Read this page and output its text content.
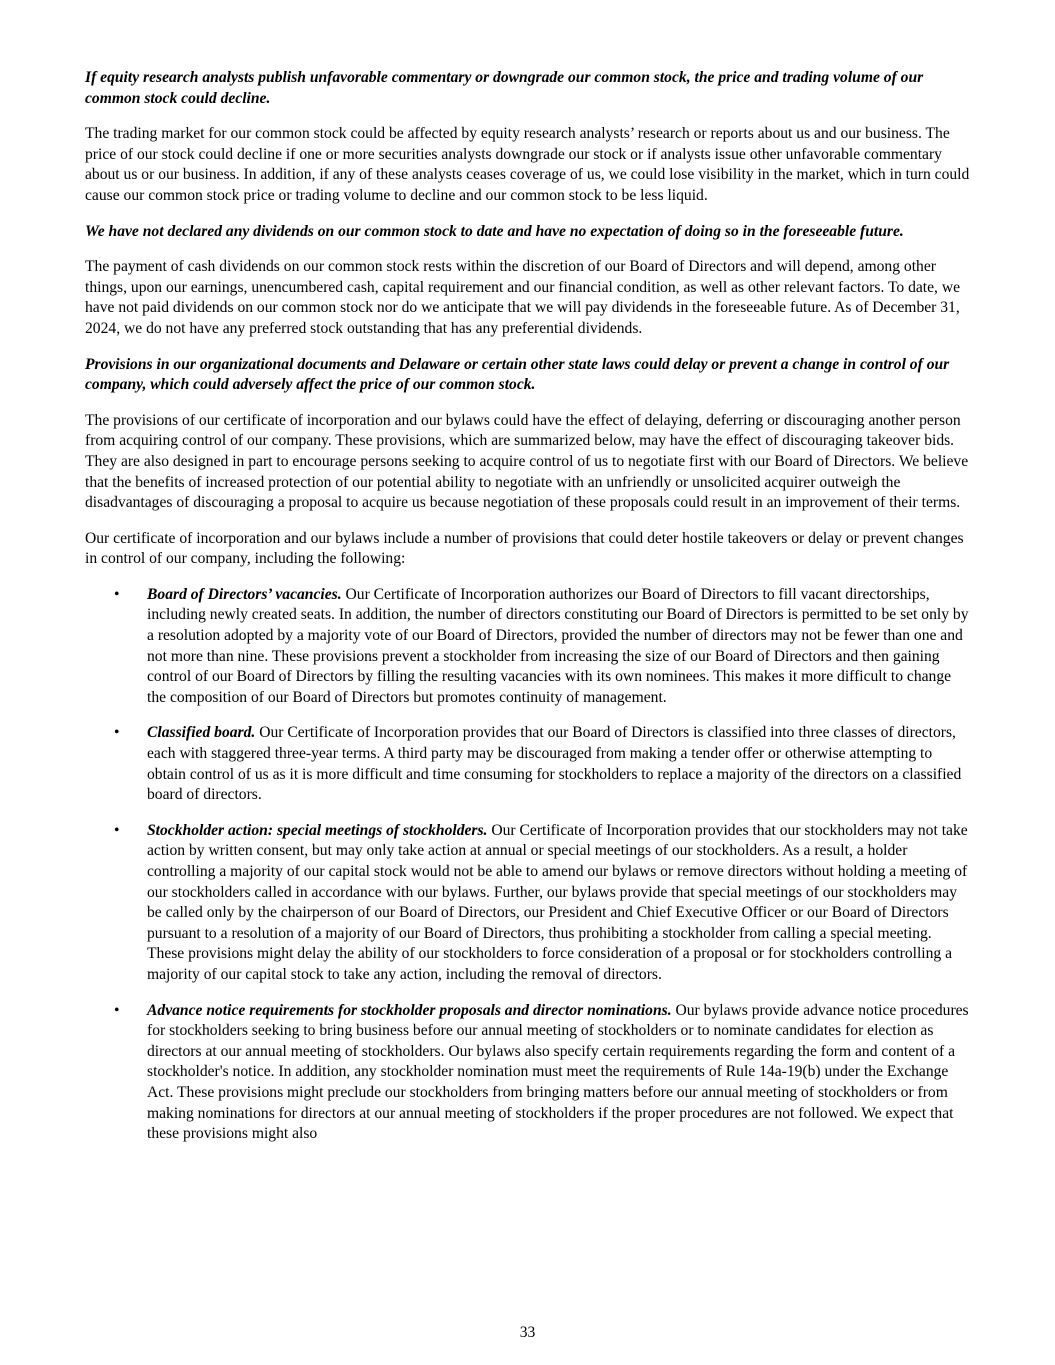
If equity research analysts publish unfavorable commentary or downgrade our common stock, the price and trading volume of our common stock could decline.

The trading market for our common stock could be affected by equity research analysts’ research or reports about us and our business. The price of our stock could decline if one or more securities analysts downgrade our stock or if analysts issue other unfavorable commentary about us or our business. In addition, if any of these analysts ceases coverage of us, we could lose visibility in the market, which in turn could cause our common stock price or trading volume to decline and our common stock to be less liquid.

We have not declared any dividends on our common stock to date and have no expectation of doing so in the foreseeable future.

The payment of cash dividends on our common stock rests within the discretion of our Board of Directors and will depend, among other things, upon our earnings, unencumbered cash, capital requirement and our financial condition, as well as other relevant factors. To date, we have not paid dividends on our common stock nor do we anticipate that we will pay dividends in the foreseeable future. As of December 31, 2024, we do not have any preferred stock outstanding that has any preferential dividends.

Provisions in our organizational documents and Delaware or certain other state laws could delay or prevent a change in control of our company, which could adversely affect the price of our common stock.

The provisions of our certificate of incorporation and our bylaws could have the effect of delaying, deferring or discouraging another person from acquiring control of our company. These provisions, which are summarized below, may have the effect of discouraging takeover bids. They are also designed in part to encourage persons seeking to acquire control of us to negotiate first with our Board of Directors. We believe that the benefits of increased protection of our potential ability to negotiate with an unfriendly or unsolicited acquirer outweigh the disadvantages of discouraging a proposal to acquire us because negotiation of these proposals could result in an improvement of their terms.

Our certificate of incorporation and our bylaws include a number of provisions that could deter hostile takeovers or delay or prevent changes in control of our company, including the following:

• Board of Directors’ vacancies. Our Certificate of Incorporation authorizes our Board of Directors to fill vacant directorships, including newly created seats. In addition, the number of directors constituting our Board of Directors is permitted to be set only by a resolution adopted by a majority vote of our Board of Directors, provided the number of directors may not be fewer than one and not more than nine. These provisions prevent a stockholder from increasing the size of our Board of Directors and then gaining control of our Board of Directors by filling the resulting vacancies with its own nominees. This makes it more difficult to change the composition of our Board of Directors but promotes continuity of management.
• Classified board. Our Certificate of Incorporation provides that our Board of Directors is classified into three classes of directors, each with staggered three-year terms. A third party may be discouraged from making a tender offer or otherwise attempting to obtain control of us as it is more difficult and time consuming for stockholders to replace a majority of the directors on a classified board of directors.
• Stockholder action: special meetings of stockholders. Our Certificate of Incorporation provides that our stockholders may not take action by written consent, but may only take action at annual or special meetings of our stockholders. As a result, a holder controlling a majority of our capital stock would not be able to amend our bylaws or remove directors without holding a meeting of our stockholders called in accordance with our bylaws. Further, our bylaws provide that special meetings of our stockholders may be called only by the chairperson of our Board of Directors, our President and Chief Executive Officer or our Board of Directors pursuant to a resolution of a majority of our Board of Directors, thus prohibiting a stockholder from calling a special meeting. These provisions might delay the ability of our stockholders to force consideration of a proposal or for stockholders controlling a majority of our capital stock to take any action, including the removal of directors.
• Advance notice requirements for stockholder proposals and director nominations. Our bylaws provide advance notice procedures for stockholders seeking to bring business before our annual meeting of stockholders or to nominate candidates for election as directors at our annual meeting of stockholders. Our bylaws also specify certain requirements regarding the form and content of a stockholder's notice. In addition, any stockholder nomination must meet the requirements of Rule 14a-19(b) under the Exchange Act. These provisions might preclude our stockholders from bringing matters before our annual meeting of stockholders or from making nominations for directors at our annual meeting of stockholders if the proper procedures are not followed. We expect that these provisions might also
33
